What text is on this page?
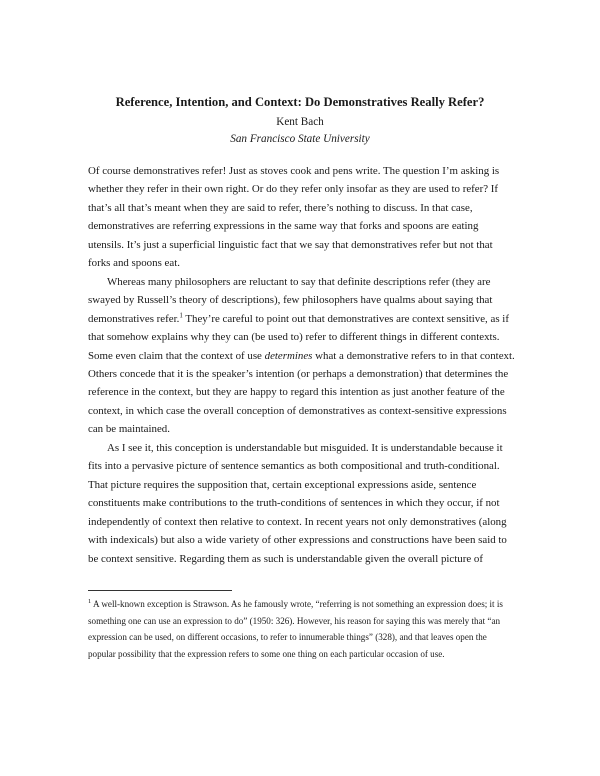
Reference, Intention, and Context: Do Demonstratives Really Refer?
Kent Bach
San Francisco State University

Of course demonstratives refer! Just as stoves cook and pens write. The question I’m asking is whether they refer in their own right. Or do they refer only insofar as they are used to refer? If that’s all that’s meant when they are said to refer, there’s nothing to discuss. In that case, demonstratives are referring expressions in the same way that forks and spoons are eating utensils. It’s just a superficial linguistic fact that we say that demonstratives refer but not that forks and spoons eat.

Whereas many philosophers are reluctant to say that definite descriptions refer (they are swayed by Russell’s theory of descriptions), few philosophers have qualms about saying that demonstratives refer.$^1$ They’re careful to point out that demonstratives are context sensitive, as if that somehow explains why they can (be used to) refer to different things in different contexts. Some even claim that the context of use determines what a demonstrative refers to in that context. Others concede that it is the speaker’s intention (or perhaps a demonstration) that determines the reference in the context, but they are happy to regard this intention as just another feature of the context, in which case the overall conception of demonstratives as context-sensitive expressions can be maintained.

As I see it, this conception is understandable but misguided. It is understandable because it fits into a pervasive picture of sentence semantics as both compositional and truth-conditional. That picture requires the supposition that, certain exceptional expressions aside, sentence constituents make contributions to the truth-conditions of sentences in which they occur, if not independently of context then relative to context. In recent years not only demonstratives (along with indexicals) but also a wide variety of other expressions and constructions have been said to be context sensitive. Regarding them as such is understandable given the overall picture of

$^1$ A well-known exception is Strawson. As he famously wrote, “referring is not something an expression does; it is something one can use an expression to do” (1950: 326). However, his reason for saying this was merely that “an expression can be used, on different occasions, to refer to innumerable things” (328), and that leaves open the popular possibility that the expression refers to some one thing on each particular occasion of use.
